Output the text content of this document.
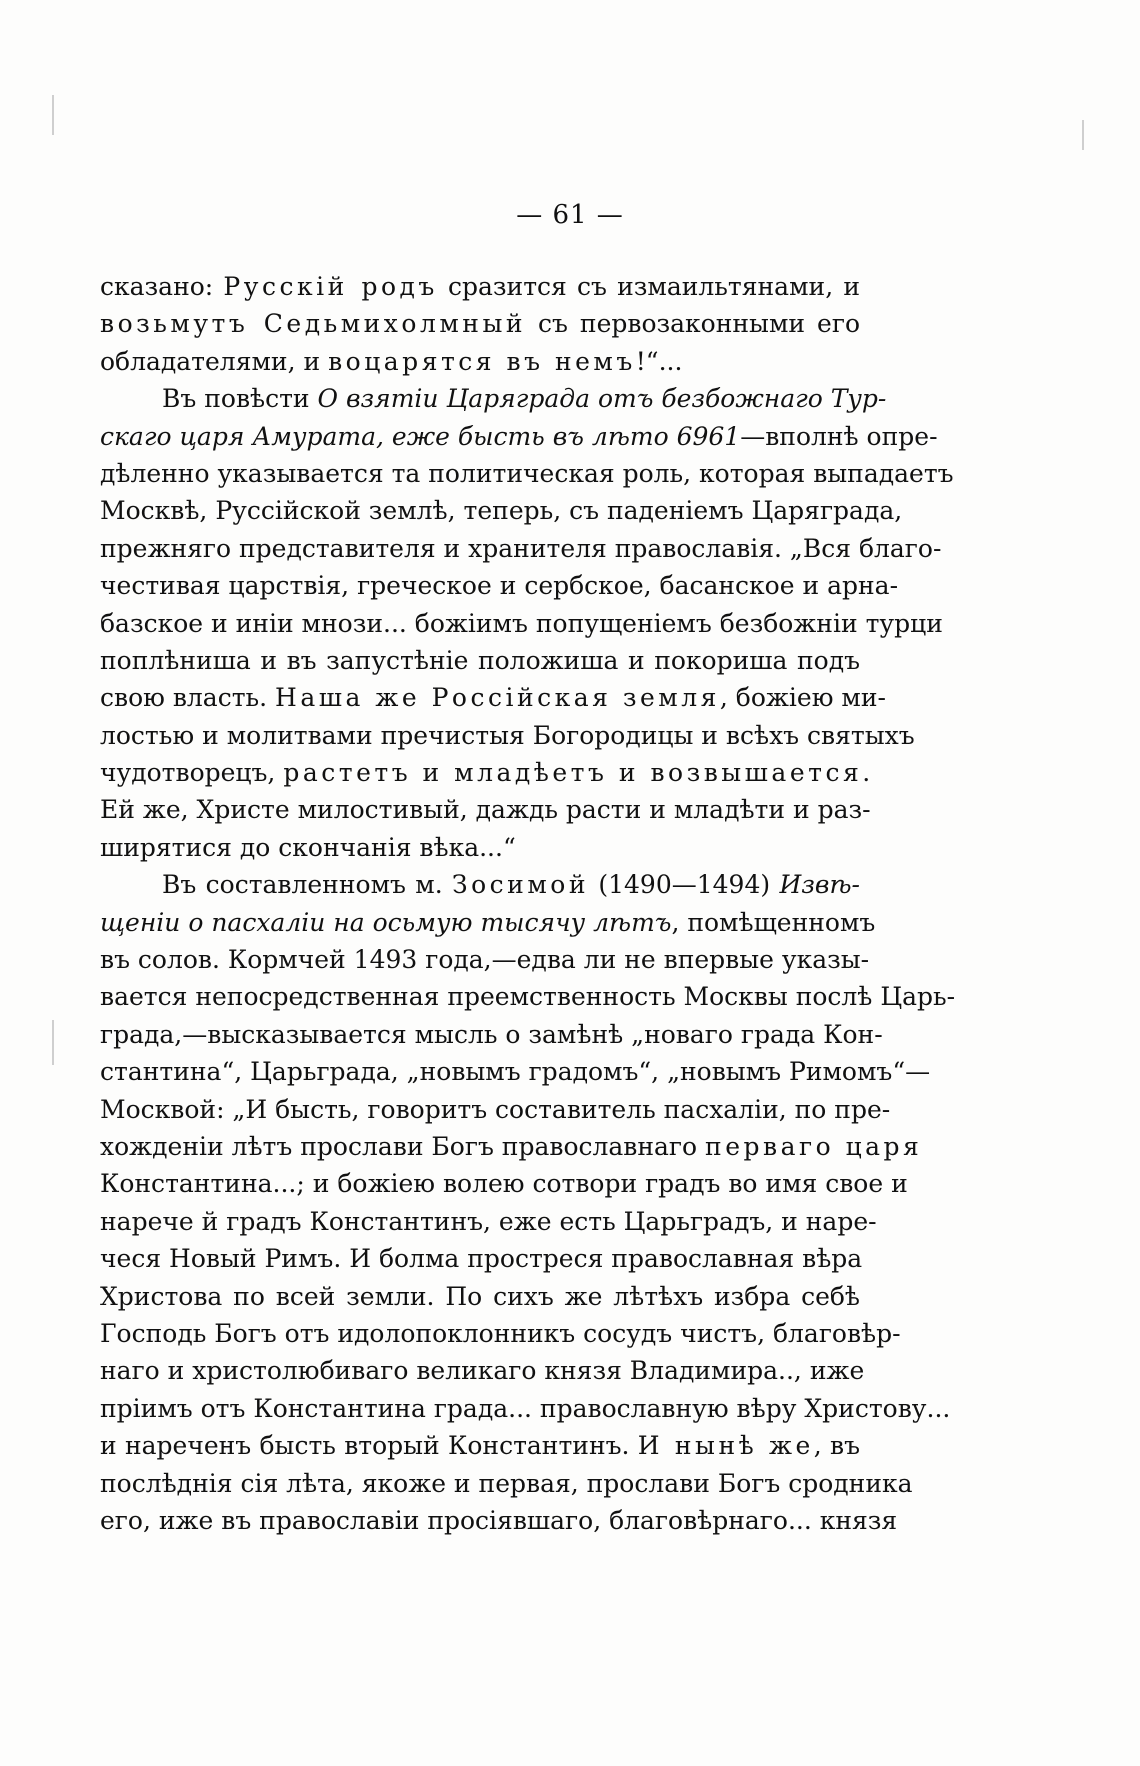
— 61 —
сказано: Русскій родъ сразится съ измаильтянами, и
возьмутъ Седьмихолмный съ первозаконными его
обладателями, и воцарятся въ немъ!“...
Въ повѣсти О взятіи Царяграда отъ безбожнаго Тур-
скаго царя Амурата, еже бысть въ лѣто 6961—вполнѣ опре-
дѣленно указывается та политическая роль, которая выпадаетъ
Москвѣ, Руссійской землѣ, теперь, съ паденіемъ Царяграда,
прежняго представителя и хранителя православія. „Вся благо-
честивая царствія, греческое и сербское, басанское и арна-
базское и иніи мнози... божіимъ попущеніемъ безбожніи турци
поплѣниша и въ запустѣніе положиша и покориша подъ
свою власть. Наша же Россійская земля, божіею ми-
лостью и молитвами пречистыя Богородицы и всѣхъ святыхъ
чудотворецъ, растетъ и младѣетъ и возвышается.
Ей же, Христе милостивый, даждь расти и младѣти и раз-
ширятися до скончанія вѣка...“
Въ составленномъ м. Зосимой (1490—1494) Извѣ-
щеніи о пасхаліи на осьмую тысячу лѣтъ, помѣщенномъ
въ солов. Кормчей 1493 года,—едва ли не впервые указы-
вается непосредственная преемственность Москвы послѣ Царь-
града,—высказывается мысль о замѣнѣ „новаго града Кон-
стантина“, Царьграда, „новымъ градомъ“, „новымъ Римомъ“—
Москвой: „И бысть, говоритъ составитель пасхаліи, по пре-
хожденіи лѣтъ прослави Богъ православнаго перваго царя
Константина...; и божіею волею сотвори градъ во имя свое и
нарече й градъ Константинъ, еже есть Царьградъ, и наре-
чеся Новый Римъ. И болма простреся православная вѣра
Христова по всей земли. По сихъ же лѣтѣхъ избра себѣ
Господь Богъ отъ идолопоклонникъ сосудъ чистъ, благовѣр-
наго и христолюбиваго великаго князя Владимира.., иже
пріимъ отъ Константина града... православную вѣру Христову...
и нареченъ бысть вторый Константинъ. И нынѣ же, въ
послѣднія сія лѣта, якоже и первая, прослави Богъ сродника
его, иже въ православіи просіявшаго, благовѣрнаго... князя
